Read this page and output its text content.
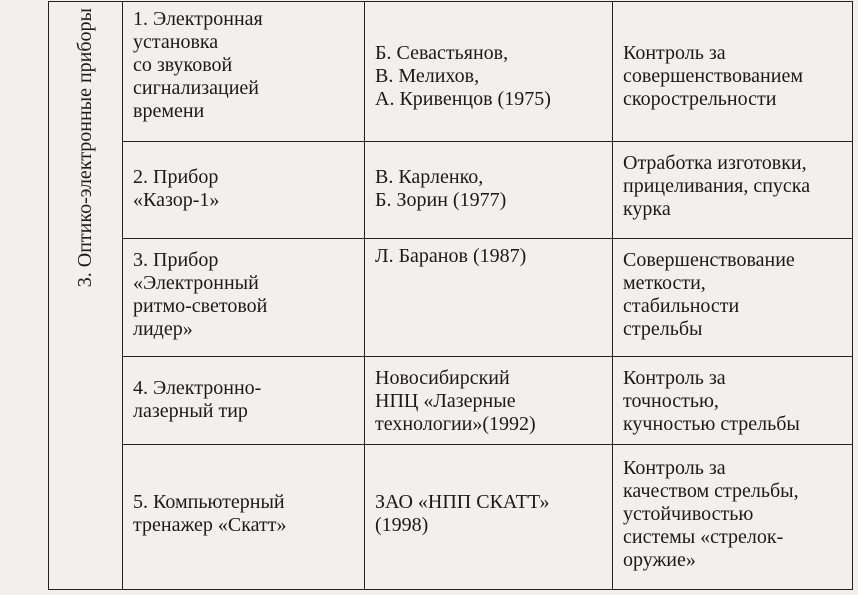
3. Оптико-электронные приборы	1. Электронная
установка
со звуковой
сигнализацией
времени	Б. Севастьянов,
В. Мелихов,
А. Кривенцов (1975)	Контроль за
совершенствованием
скорострельности

	2. Прибор
«Казор-1»	В. Карленко,
Б. Зорин (1977)	Отработка изготовки,
прицеливания, спуска
курка

	3. Прибор
«Электронный
ритмо-световой
лидер»	Л. Баранов (1987)	Совершенствование
меткости,
стабильности
стрельбы

	4. Электронно-
лазерный тир	Новосибирский
НПЦ «Лазерные
технологии»(1992)	Контроль за
точностью,
кучностью стрельбы

	5. Компьютерный
тренажер «Скатт»	ЗАО «НПП СКАТТ»
(1998)	Контроль за
качеством стрельбы,
устойчивостью
системы «стрелок-
оружие»
